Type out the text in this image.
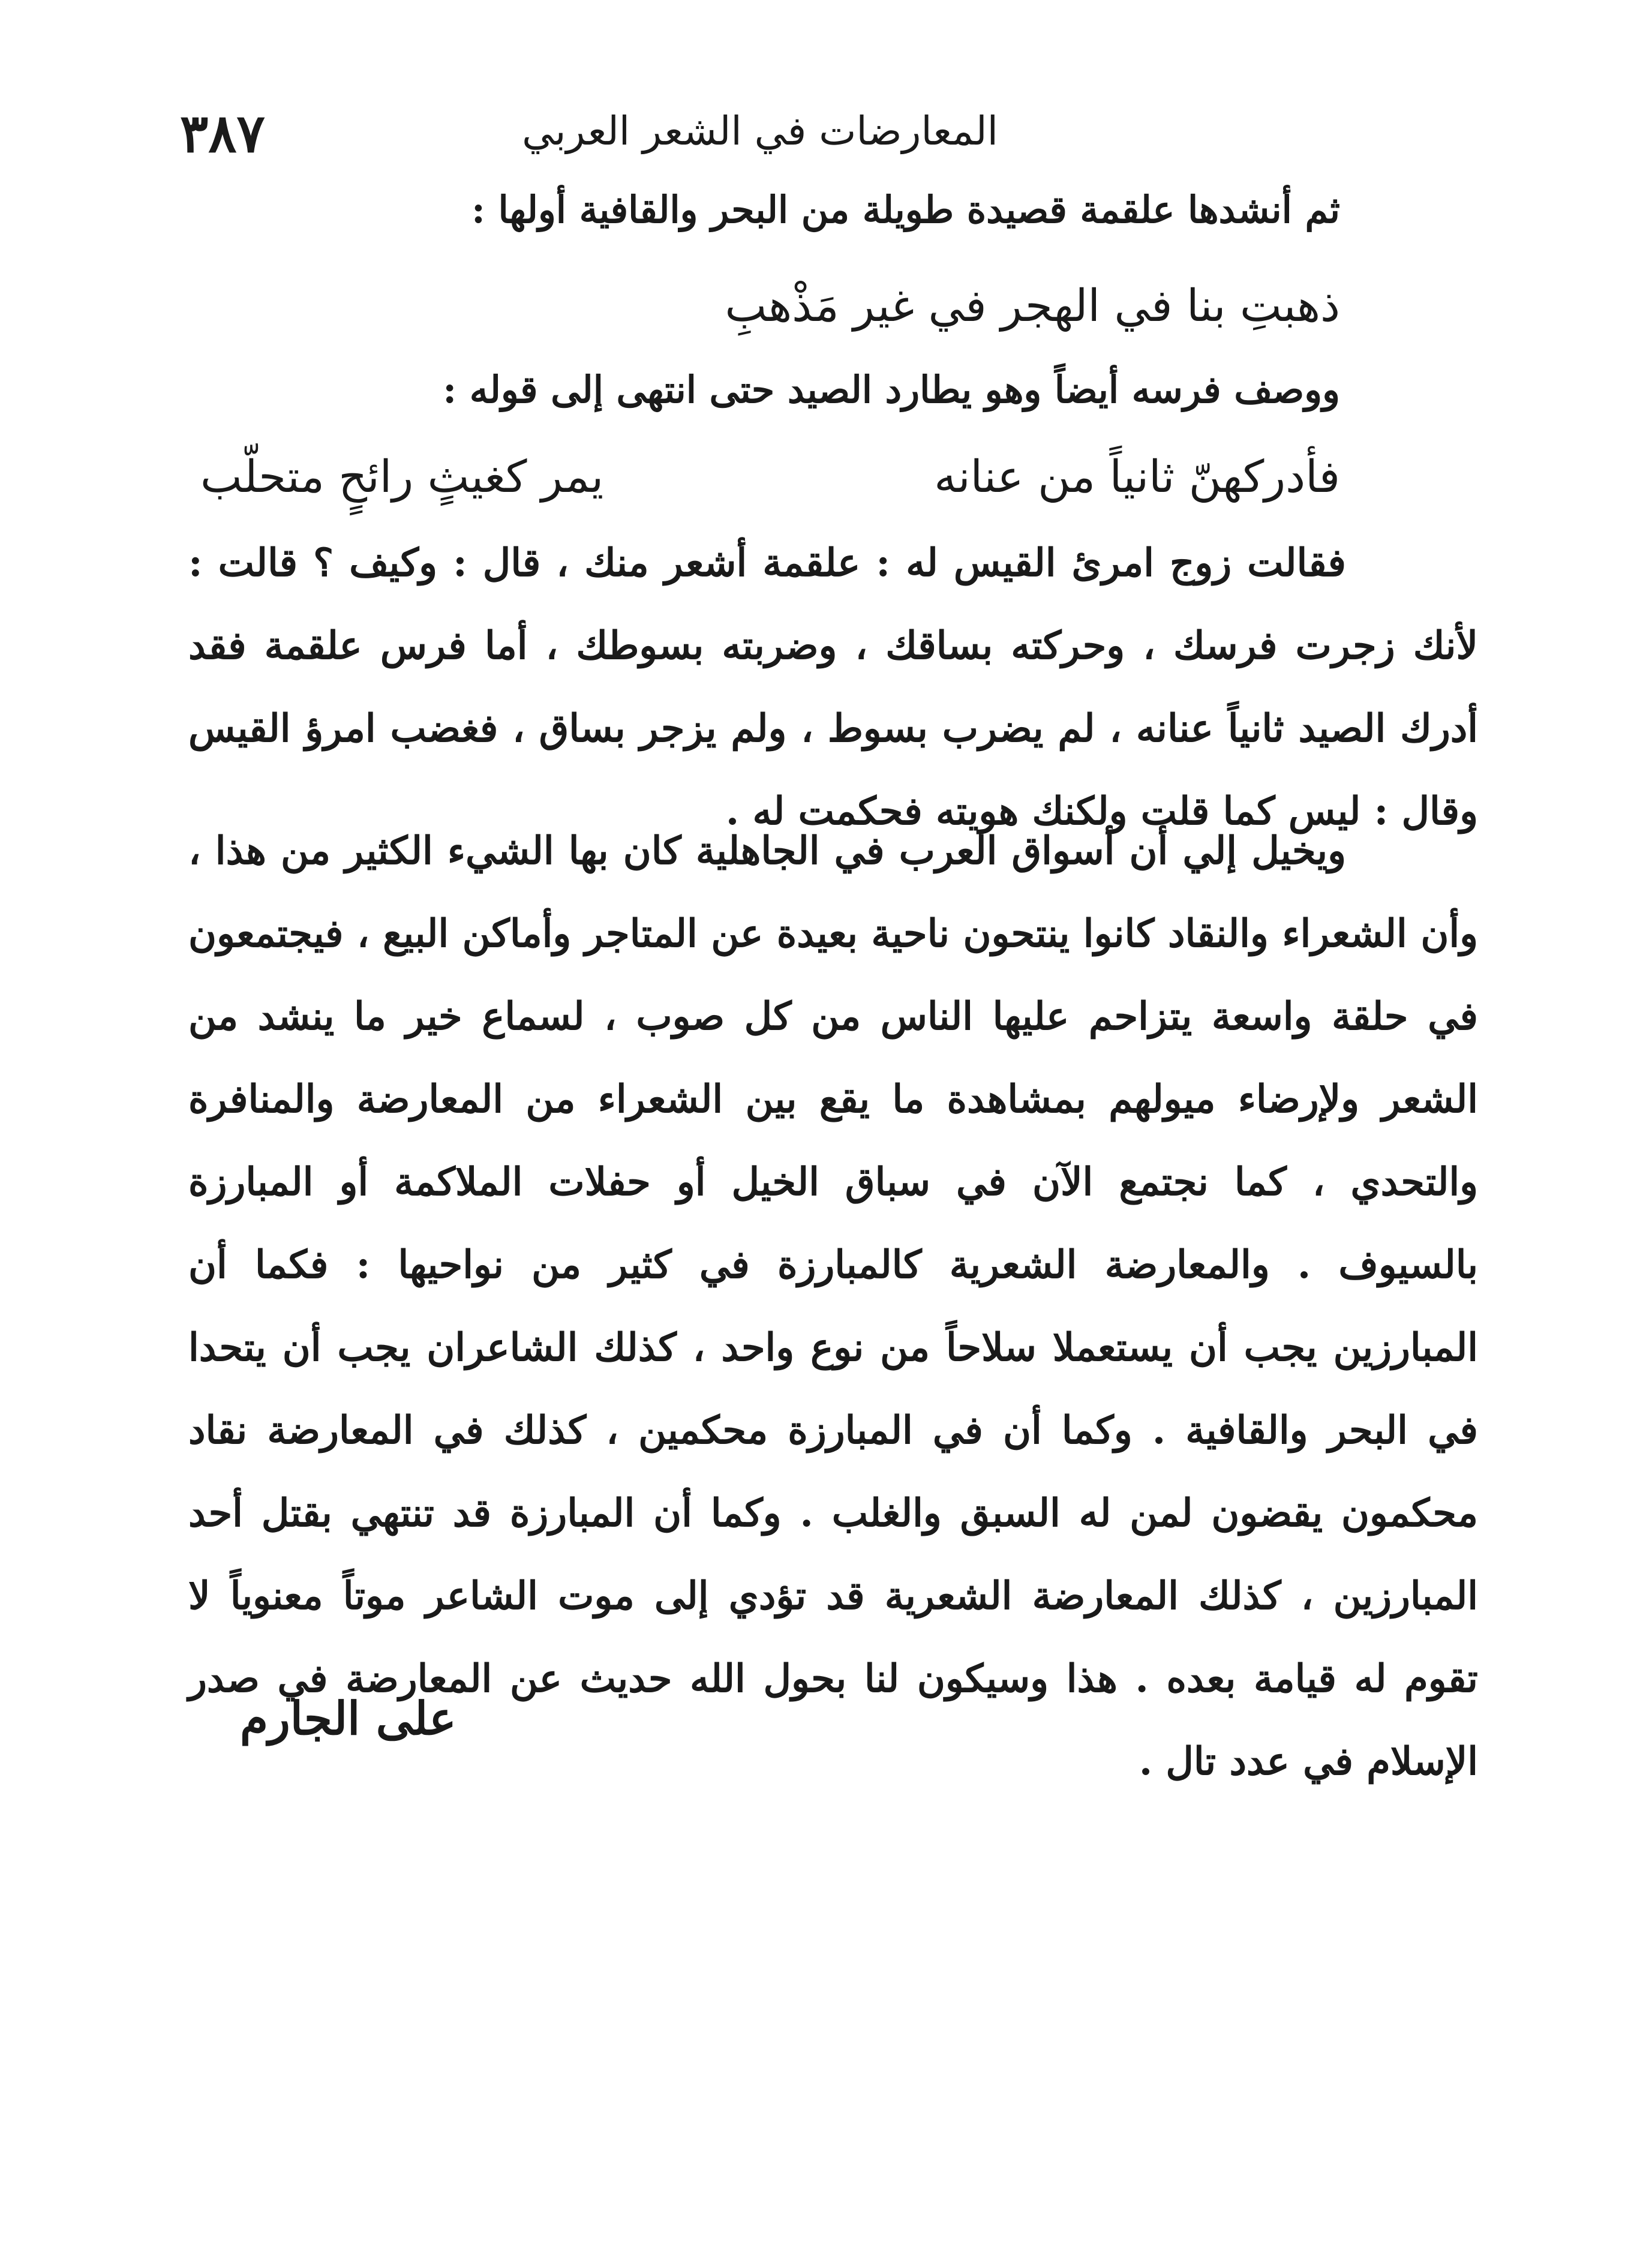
٣٨٧	المعارضات في الشعر العربي
ثم أنشدها علقمة قصيدة طويلة من البحر والقافية أولها :
ذهبتِ بنا في الهجر في غير مَذْهبِ
ووصف فرسه أيضاً وهو يطارد الصيد حتى انتهى إلى قوله :
فأدركهنّ ثانياً من عنانه
يمر كغيثٍ رائحٍ متحلّب
فقالت زوج امرئ القيس له : علقمة أشعر منك ، قال : وكيف ؟ قالت : لأنك زجرت فرسك ، وحركته بساقك ، وضربته بسوطك ، أما فرس علقمة فقد أدرك الصيد ثانياً عنانه ، لم يضرب بسوط ، ولم يزجر بساق ، فغضب امرؤ القيس وقال : ليس كما قلت ولكنك هويته فحكمت له .
ويخيل إلي أن أسواق العرب في الجاهلية كان بها الشيء الكثير من هذا ، وأن الشعراء والنقاد كانوا ينتحون ناحية بعيدة عن المتاجر وأماكن البيع ، فيجتمعون في حلقة واسعة يتزاحم عليها الناس من كل صوب ، لسماع خير ما ينشد من الشعر ولإرضاء ميولهم بمشاهدة ما يقع بين الشعراء من المعارضة والمنافرة والتحدي ، كما نجتمع الآن في سباق الخيل أو حفلات الملاكمة أو المبارزة بالسيوف . والمعارضة الشعرية كالمبارزة في كثير من نواحيها : فكما أن المبارزين يجب أن يستعملا سلاحاً من نوع واحد ، كذلك الشاعران يجب أن يتحدا في البحر والقافية . وكما أن في المبارزة محكمين ، كذلك في المعارضة نقاد محكمون يقضون لمن له السبق والغلب . وكما أن المبارزة قد تنتهي بقتل أحد المبارزين ، كذلك المعارضة الشعرية قد تؤدي إلى موت الشاعر موتاً معنوياً لا تقوم له قيامة بعده . هذا وسيكون لنا بحول الله حديث عن المعارضة في صدر الإسلام في عدد تال .
على الجارم
